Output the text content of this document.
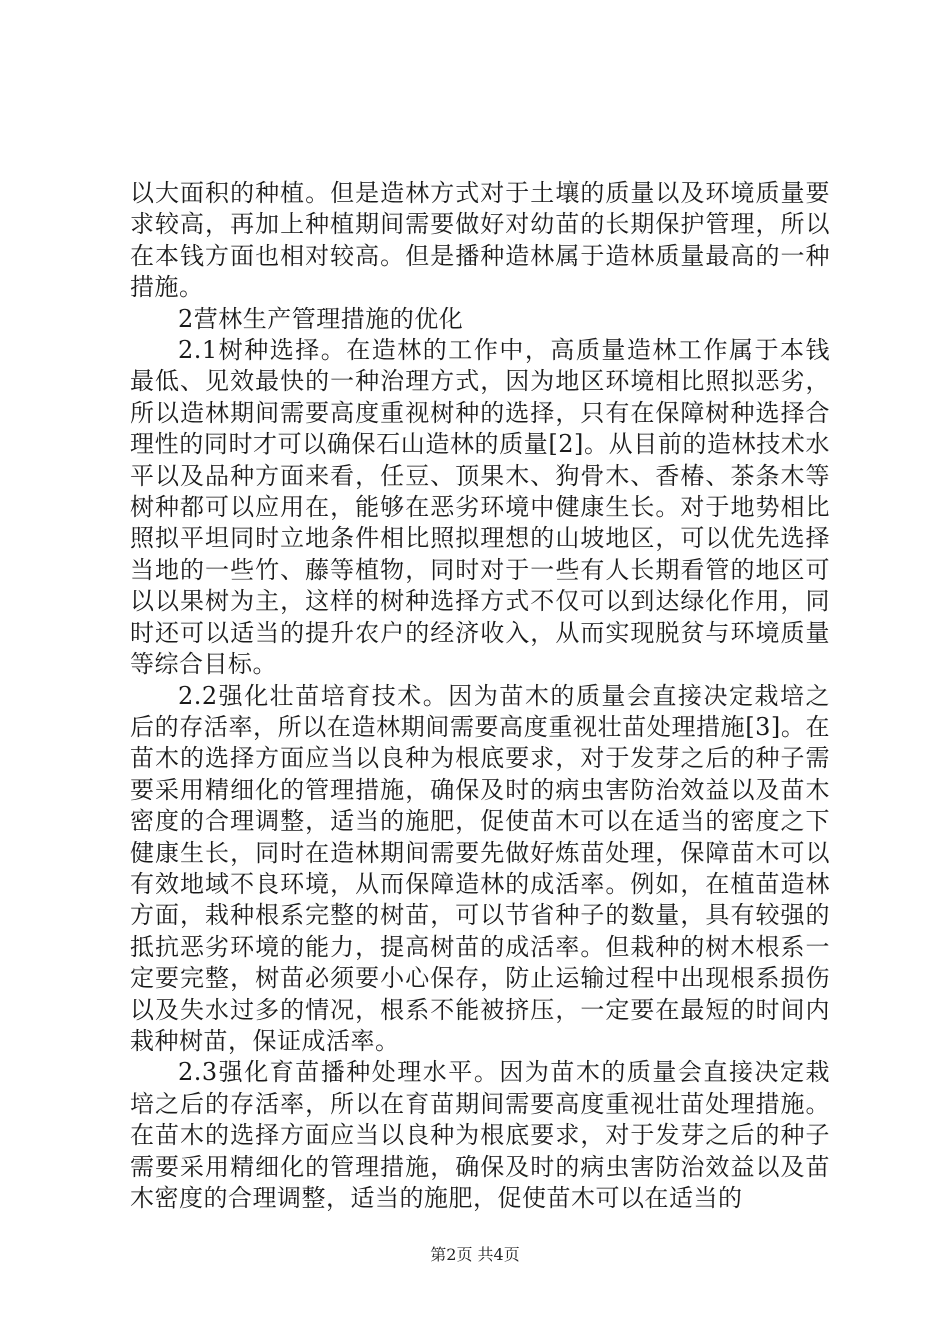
以大面积的种植。但是造林方式对于土壤的质量以及环境质量要求较高，再加上种植期间需要做好对幼苗的长期保护管理，所以在本钱方面也相对较高。但是播种造林属于造林质量最高的一种措施。

2营林生产管理措施的优化

2.1树种选择。在造林的工作中，高质量造林工作属于本钱最低、见效最快的一种治理方式，因为地区环境相比照拟恶劣，所以造林期间需要高度重视树种的选择，只有在保障树种选择合理性的同时才可以确保石山造林的质量[2]。从目前的造林技术水平以及品种方面来看，任豆、顶果木、狗骨木、香椿、茶条木等树种都可以应用在，能够在恶劣环境中健康生长。对于地势相比照拟平坦同时立地条件相比照拟理想的山坡地区，可以优先选择当地的一些竹、藤等植物，同时对于一些有人长期看管的地区可以以果树为主，这样的树种选择方式不仅可以到达绿化作用，同时还可以适当的提升农户的经济收入，从而实现脱贫与环境质量等综合目标。

2.2强化壮苗培育技术。因为苗木的质量会直接决定栽培之后的存活率，所以在造林期间需要高度重视壮苗处理措施[3]。在苗木的选择方面应当以良种为根底要求，对于发芽之后的种子需要采用精细化的管理措施，确保及时的病虫害防治效益以及苗木密度的合理调整，适当的施肥，促使苗木可以在适当的密度之下健康生长，同时在造林期间需要先做好炼苗处理，保障苗木可以有效地域不良环境，从而保障造林的成活率。例如，在植苗造林方面，栽种根系完整的树苗，可以节省种子的数量，具有较强的抵抗恶劣环境的能力，提高树苗的成活率。但栽种的树木根系一定要完整，树苗必须要小心保存，防止运输过程中出现根系损伤以及失水过多的情况，根系不能被挤压，一定要在最短的时间内栽种树苗，保证成活率。

2.3强化育苗播种处理水平。因为苗木的质量会直接决定栽培之后的存活率，所以在育苗期间需要高度重视壮苗处理措施。在苗木的选择方面应当以良种为根底要求，对于发芽之后的种子需要采用精细化的管理措施，确保及时的病虫害防治效益以及苗木密度的合理调整，适当的施肥，促使苗木可以在适当的

第2页 共4页
